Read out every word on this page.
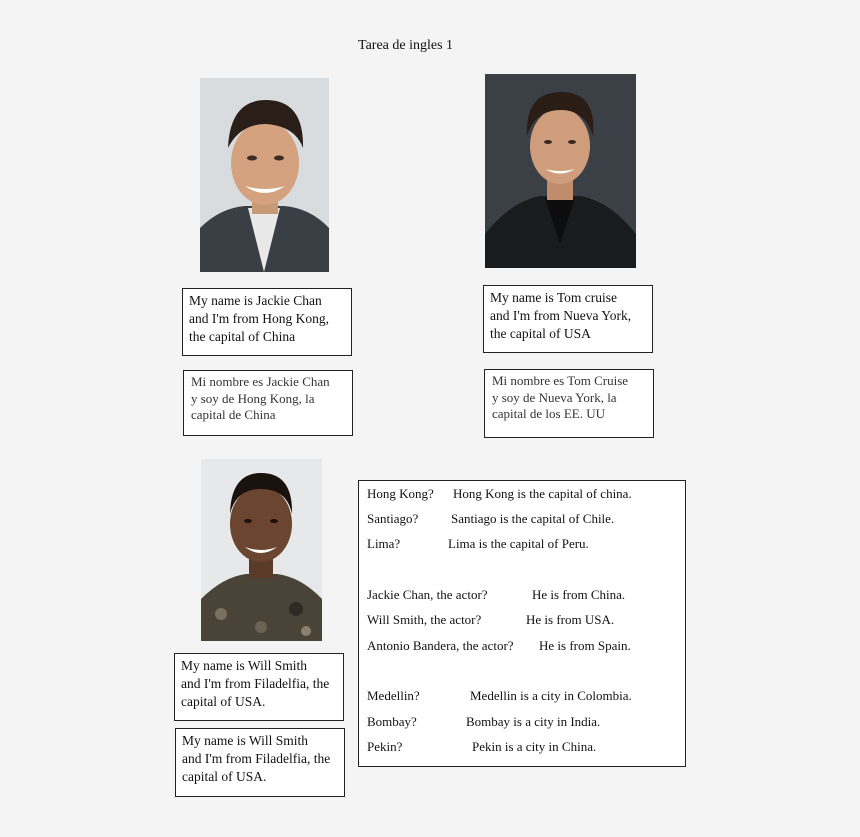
Tarea de ingles 1
My name is Jackie Chan
and I'm from Hong Kong,
the capital of China
Mi nombre es Jackie Chan
y soy de Hong Kong, la
capital de China
My name is Tom cruise
and I'm from Nueva York,
the capital of USA
Mi nombre es Tom Cruise
y soy de Nueva York, la
capital de los EE. UU
My name is Will Smith
and I'm from Filadelfia, the
capital of USA.
My name is Will Smith
and I'm from Filadelfia, the
capital of USA.
Hong Kong? Hong Kong is the capital of china.
Santiago?	Santiago is the capital of Chile.
Lima?	Lima is the capital of Peru.
Jackie Chan, the actor?	He is from China.
Will Smith, the actor?	He is from USA.
Antonio Bandera, the actor? He is from Spain.
Medellin?	Medellin is a city in Colombia.
Bombay?	Bombay is a city in India.
Pekin?	Pekin is a city in China.
